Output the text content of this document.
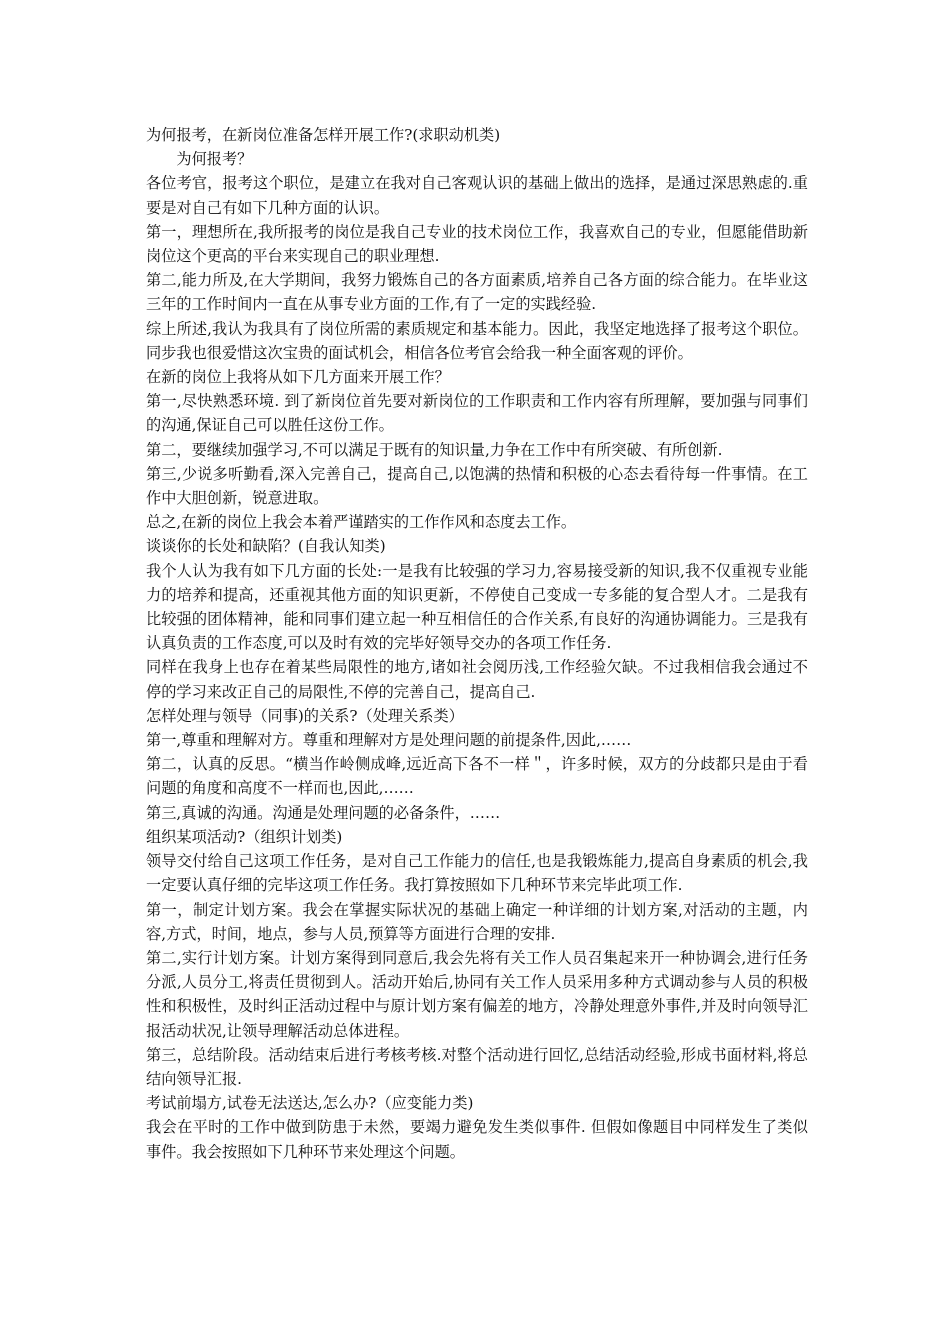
为何报考，在新岗位准备怎样开展工作?(求职动机类)

为何报考？

各位考官，报考这个职位，是建立在我对自己客观认识的基础上做出的选择，是通过深思熟虑的.重要是对自己有如下几种方面的认识。

第一，理想所在,我所报考的岗位是我自己专业的技术岗位工作，我喜欢自己的专业，但愿能借助新岗位这个更高的平台来实现自己的职业理想.

第二,能力所及,在大学期间，我努力锻炼自己的各方面素质,培养自己各方面的综合能力。在毕业这三年的工作时间内一直在从事专业方面的工作,有了一定的实践经验.

综上所述,我认为我具有了岗位所需的素质规定和基本能力。因此，我坚定地选择了报考这个职位。同步我也很爱惜这次宝贵的面试机会，相信各位考官会给我一种全面客观的评价。

在新的岗位上我将从如下几方面来开展工作？

第一,尽快熟悉环境. 到了新岗位首先要对新岗位的工作职责和工作内容有所理解，要加强与同事们的沟通,保证自己可以胜任这份工作。

第二，要继续加强学习,不可以满足于既有的知识量,力争在工作中有所突破、有所创新.

第三,少说多听勤看,深入完善自己，提高自己,以饱满的热情和积极的心态去看待每一件事情。在工作中大胆创新，锐意进取。

总之,在新的岗位上我会本着严谨踏实的工作作风和态度去工作。

谈谈你的长处和缺陷？(自我认知类)

我个人认为我有如下几方面的长处:一是我有比较强的学习力,容易接受新的知识,我不仅重视专业能力的培养和提高，还重视其他方面的知识更新，不停使自己变成一专多能的复合型人才。二是我有比较强的团体精神，能和同事们建立起一种互相信任的合作关系,有良好的沟通协调能力。三是我有认真负责的工作态度,可以及时有效的完毕好领导交办的各项工作任务.

同样在我身上也存在着某些局限性的地方,诸如社会阅历浅,工作经验欠缺。不过我相信我会通过不停的学习来改正自己的局限性,不停的完善自己，提高自己.

怎样处理与领导（同事)的关系?（处理关系类）

第一,尊重和理解对方。尊重和理解对方是处理问题的前提条件,因此,……

第二，认真的反思。“横当作岭侧成峰,远近高下各不一样＂，许多时候，双方的分歧都只是由于看问题的角度和高度不一样而也,因此,……

第三,真诚的沟通。沟通是处理问题的必备条件，……

组织某项活动?（组织计划类)

领导交付给自己这项工作任务，是对自己工作能力的信任,也是我锻炼能力,提高自身素质的机会,我一定要认真仔细的完毕这项工作任务。我打算按照如下几种环节来完毕此项工作.

第一，制定计划方案。我会在掌握实际状况的基础上确定一种详细的计划方案,对活动的主题，内容,方式，时间，地点，参与人员,预算等方面进行合理的安排.

第二,实行计划方案。计划方案得到同意后,我会先将有关工作人员召集起来开一种协调会,进行任务分派,人员分工,将责任贯彻到人。活动开始后,协同有关工作人员采用多种方式调动参与人员的积极性和积极性，及时纠正活动过程中与原计划方案有偏差的地方，冷静处理意外事件,并及时向领导汇报活动状况,让领导理解活动总体进程。

第三，总结阶段。活动结束后进行考核考核.对整个活动进行回忆,总结活动经验,形成书面材料,将总结向领导汇报.

考试前塌方,试卷无法送达,怎么办?（应变能力类)

我会在平时的工作中做到防患于未然，要竭力避免发生类似事件. 但假如像题目中同样发生了类似事件。我会按照如下几种环节来处理这个问题。
